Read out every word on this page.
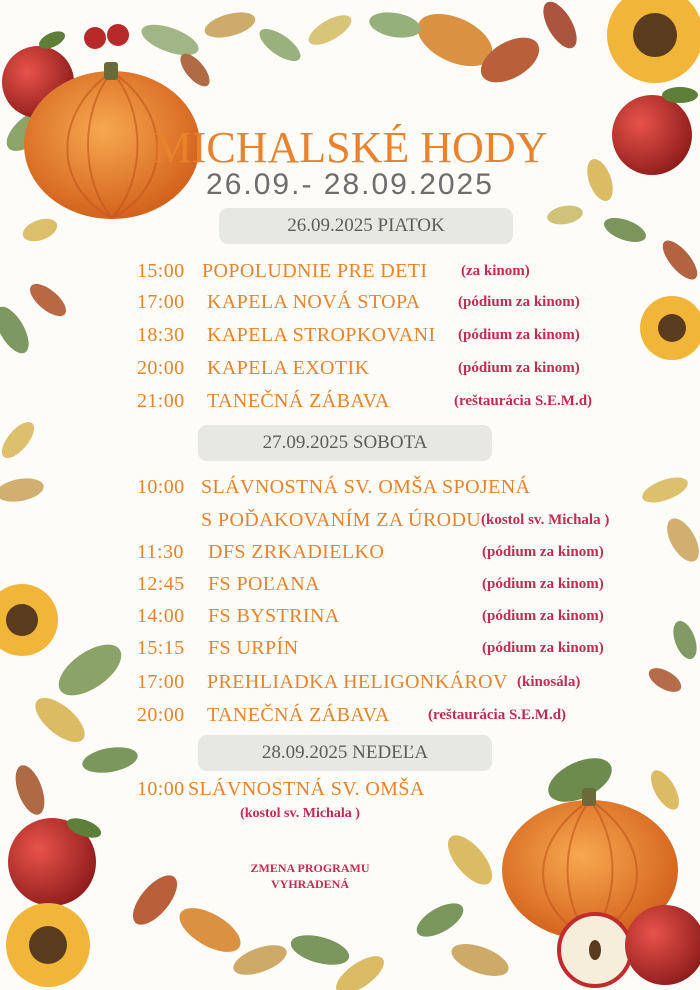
MICHALSKÉ HODY
26.09.- 28.09.2025
26.09.2025 PIATOK
15:00 POPOLUDNIE PRE DETI (za kinom)
17:00 KAPELA NOVÁ STOPA (pódium za kinom)
18:30 KAPELA STROPKOVANI (pódium za kinom)
20:00 KAPELA EXOTIK	(pódium za kinom)
21:00 TANEČNÁ ZÁBAVA	(reštaurácia S.E.M.d)
27.09.2025 SOBOTA
10:00 SLÁVNOSTNÁ SV. OMŠA SPOJENÁ
S POĎAKOVANÍM ZA ÚRODU (kostol sv. Michala )
11:30 DFS ZRKADIELKO	(pódium za kinom)
12:45 FS POĽANA	(pódium za kinom)
14:00 FS BYSTRINA	(pódium za kinom)
15:15 FS URPÍN	(pódium za kinom)
17:00 PREHLIADKA HELIGONKÁROV (kinosála)
20:00 TANEČNÁ ZÁBAVA	(reštaurácia S.E.M.d)
28.09.2025 NEDEĽA
10:00 SLÁVNOSTNÁ SV. OMŠA
(kostol sv. Michala )
ZMENA PROGRAMU
VYHRADENÁ
